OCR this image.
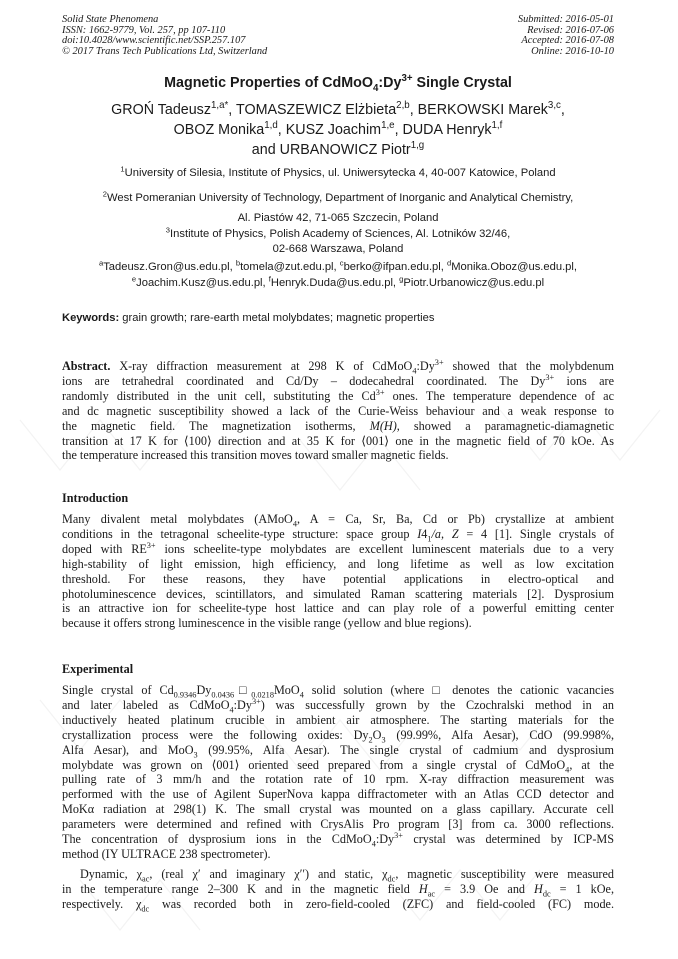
Solid State Phenomena
ISSN: 1662-9779, Vol. 257, pp 107-110
doi:10.4028/www.scientific.net/SSP.257.107
© 2017 Trans Tech Publications Ltd, Switzerland
Submitted: 2016-05-01
Revised: 2016-07-06
Accepted: 2016-07-08
Online: 2016-10-10
Magnetic Properties of $CdMoO_4:Dy^{3+}$ Single Crystal
GROŃ Tadeusz$^{1,a*}$, TOMASZEWICZ Elżbieta$^{2,b}$, BERKOWSKI Marek$^{3,c}$,
OBOZ Monika$^{1,d}$, KUSZ Joachim$^{1,e}$, DUDA Henryk$^{1,f}$
and URBANOWICZ Piotr$^{1,g}$
$^1$University of Silesia, Institute of Physics, ul. Uniwersytecka 4, 40-007 Katowice, Poland
$^2$West Pomeranian University of Technology, Department of Inorganic and Analytical Chemistry,
Al. Piastów 42, 71-065 Szczecin, Poland
$^3$Institute of Physics, Polish Academy of Sciences, Al. Lotników 32/46,
02-668 Warszawa, Poland
$^a$Tadeusz.Gron@us.edu.pl, $^b$tomela@zut.edu.pl, $^c$berko@ifpan.edu.pl, $^d$Monika.Oboz@us.edu.pl,
$^e$Joachim.Kusz@us.edu.pl, $^f$Henryk.Duda@us.edu.pl, $^g$Piotr.Urbanowicz@us.edu.pl
Keywords: grain growth; rare-earth metal molybdates; magnetic properties
Abstract. X-ray diffraction measurement at 298 K of $CdMoO_4:Dy^{3+}$ showed that the molybdenum
ions are tetrahedral coordinated and Cd/Dy – dodecahedral coordinated. The $Dy^{3+}$ ions are
randomly distributed in the unit cell, substituting the $Cd^{3+}$ ones. The temperature dependence of ac
and dc magnetic susceptibility showed a lack of the Curie-Weiss behaviour and a weak response to
the magnetic field. The magnetization isotherms, M(H), showed a paramagnetic-diamagnetic
transition at 17 K for ⟨100⟩ direction and at 35 K for ⟨001⟩ one in the magnetic field of 70 kOe. As
the temperature increased this transition moves toward smaller magnetic fields.
Introduction
Many divalent metal molybdates (AMoO$_4$, A = Ca, Sr, Ba, Cd or Pb) crystallize at ambient
conditions in the tetragonal scheelite-type structure: space group $I4_1/a$, Z = 4 [1]. Single crystals of
doped with $RE^{3+}$ ions scheelite-type molybdates are excellent luminescent materials due to a very
high-stability of light emission, high efficiency, and long lifetime as well as low excitation
threshold. For these reasons, they have potential applications in electro-optical and
photoluminescence devices, scintillators, and simulated Raman scattering materials [2]. Dysprosium
is an attractive ion for scheelite-type host lattice and can play role of a powerful emitting center
because it offers strong luminescence in the visible range (yellow and blue regions).
Experimental
Single crystal of $Cd_{0.9346}Dy_{0.0436}□_{0.0218}MoO_4$ solid solution (where □ denotes the cationic vacancies
and later labeled as $CdMoO_4:Dy^{3+}$) was successfully grown by the Czochralski method in an
inductively heated platinum crucible in ambient air atmosphere. The starting materials for the
crystallization process were the following oxides: $Dy_2O_3$ (99.99%, Alfa Aesar), CdO (99.998%,
Alfa Aesar), and MoO$_3$ (99.95%, Alfa Aesar). The single crystal of cadmium and dysprosium
molybdate was grown on ⟨001⟩ oriented seed prepared from a single crystal of CdMoO$_4$, at the
pulling rate of 3 mm/h and the rotation rate of 10 rpm. X-ray diffraction measurement was
performed with the use of Agilent SuperNova kappa diffractometer with an Atlas CCD detector and
MoKα radiation at 298(1) K. The small crystal was mounted on a glass capillary. Accurate cell
parameters were determined and refined with CrysAlis Pro program [3] from ca. 3000 reflections.
The concentration of dysprosium ions in the $CdMoO_4:Dy^{3+}$ crystal was determined by ICP-MS
method (IY ULTRACE 238 spectrometer).
Dynamic, $\chi_{ac}$, (real χ′ and imaginary χ′′) and static, $\chi_{dc}$, magnetic susceptibility were measured
in the temperature range 2–300 K and in the magnetic field $H_{ac} = 3.9$ Oe and $H_{dc} = 1$ kOe,
respectively. $\chi_{dc}$ was recorded both in zero-field-cooled (ZFC) and field-cooled (FC) mode.
